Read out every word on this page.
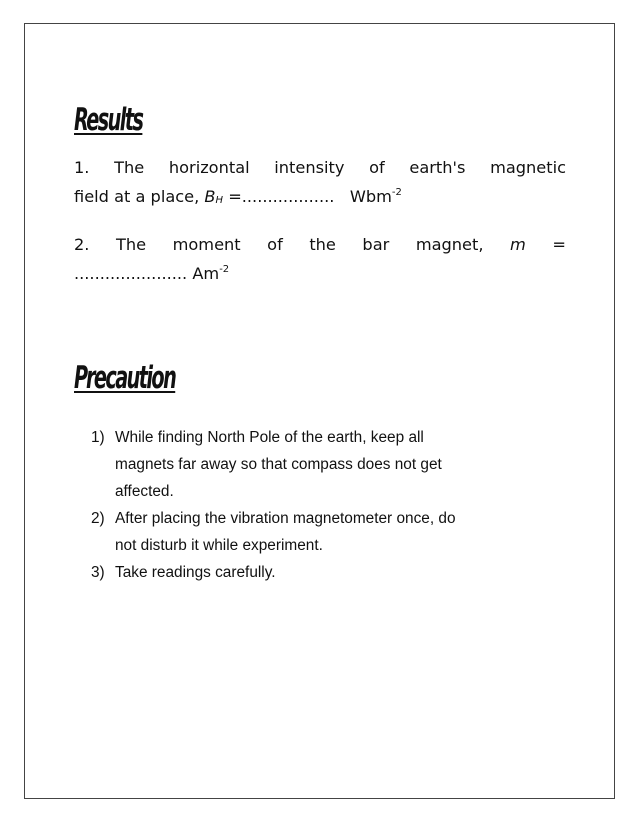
Results
1. The horizontal intensity of earth's magnetic
field at a place, BH =.................. Wbm$^{-2}$
2. The moment of the bar magnet, m =
...................... $Am^{-2}$
Precaution
1) While finding North Pole of the earth, keep all
magnets far away so that compass does not get
affected.
2) After placing the vibration magnetometer once, do
not disturb it while experiment.
3) Take readings carefully.
